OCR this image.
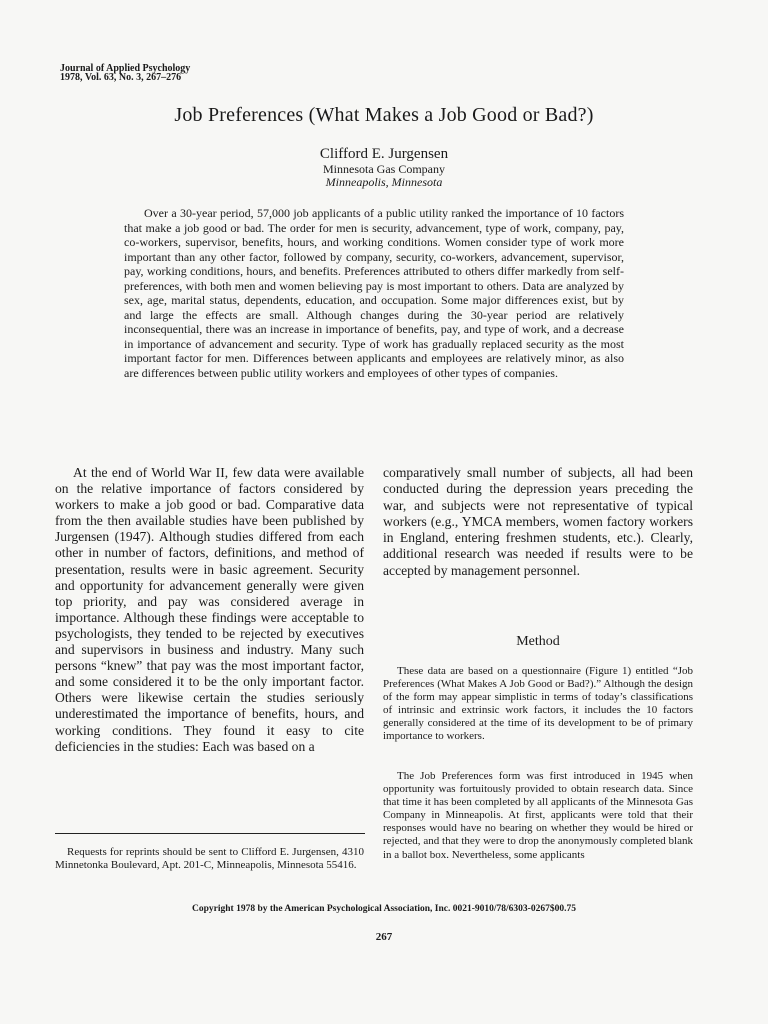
Journal of Applied Psychology
1978, Vol. 63, No. 3, 267–276
Job Preferences (What Makes a Job Good or Bad?)
Clifford E. Jurgensen
Minnesota Gas Company
Minneapolis, Minnesota

Over a 30-year period, 57,000 job applicants of a public utility ranked the importance of 10 factors that make a job good or bad. The order for men is security, advancement, type of work, company, pay, co-workers, supervisor, benefits, hours, and working conditions. Women consider type of work more important than any other factor, followed by company, security, co-workers, advancement, supervisor, pay, working conditions, hours, and benefits. Preferences attributed to others differ markedly from self-preferences, with both men and women believing pay is most important to others. Data are analyzed by sex, age, marital status, dependents, education, and occupation. Some major differences exist, but by and large the effects are small. Although changes during the 30-year period are relatively inconsequential, there was an increase in importance of benefits, pay, and type of work, and a decrease in importance of advancement and security. Type of work has gradually replaced security as the most important factor for men. Differences between applicants and employees are relatively minor, as also are differences between public utility workers and employees of other types of companies.

At the end of World War II, few data were available on the relative importance of factors considered by workers to make a job good or bad. Comparative data from the then available studies have been published by Jurgensen (1947). Although studies differed from each other in number of factors, definitions, and method of presentation, results were in basic agreement. Security and opportunity for advancement generally were given top priority, and pay was considered average in importance. Although these findings were acceptable to psychologists, they tended to be rejected by executives and supervisors in business and industry. Many such persons “knew” that pay was the most important factor, and some considered it to be the only important factor. Others were likewise certain the studies seriously underestimated the importance of benefits, hours, and working conditions. They found it easy to cite deficiencies in the studies: Each was based on a

comparatively small number of subjects, all had been conducted during the depression years preceding the war, and subjects were not representative of typical workers (e.g., YMCA members, women factory workers in England, entering freshmen students, etc.). Clearly, additional research was needed if results were to be accepted by management personnel.

Method

These data are based on a questionnaire (Figure 1) entitled “Job Preferences (What Makes A Job Good or Bad?).” Although the design of the form may appear simplistic in terms of today’s classifications of intrinsic and extrinsic work factors, it includes the 10 factors generally considered at the time of its development to be of primary importance to workers.

The Job Preferences form was first introduced in 1945 when opportunity was fortuitously provided to obtain research data. Since that time it has been completed by all applicants of the Minnesota Gas Company in Minneapolis. At first, applicants were told that their responses would have no bearing on whether they would be hired or rejected, and that they were to drop the anonymously completed blank in a ballot box. Nevertheless, some applicants

Requests for reprints should be sent to Clifford E. Jurgensen, 4310 Minnetonka Boulevard, Apt. 201-C, Minneapolis, Minnesota 55416.

Copyright 1978 by the American Psychological Association, Inc. 0021-9010/78/6303-0267$00.75
267
